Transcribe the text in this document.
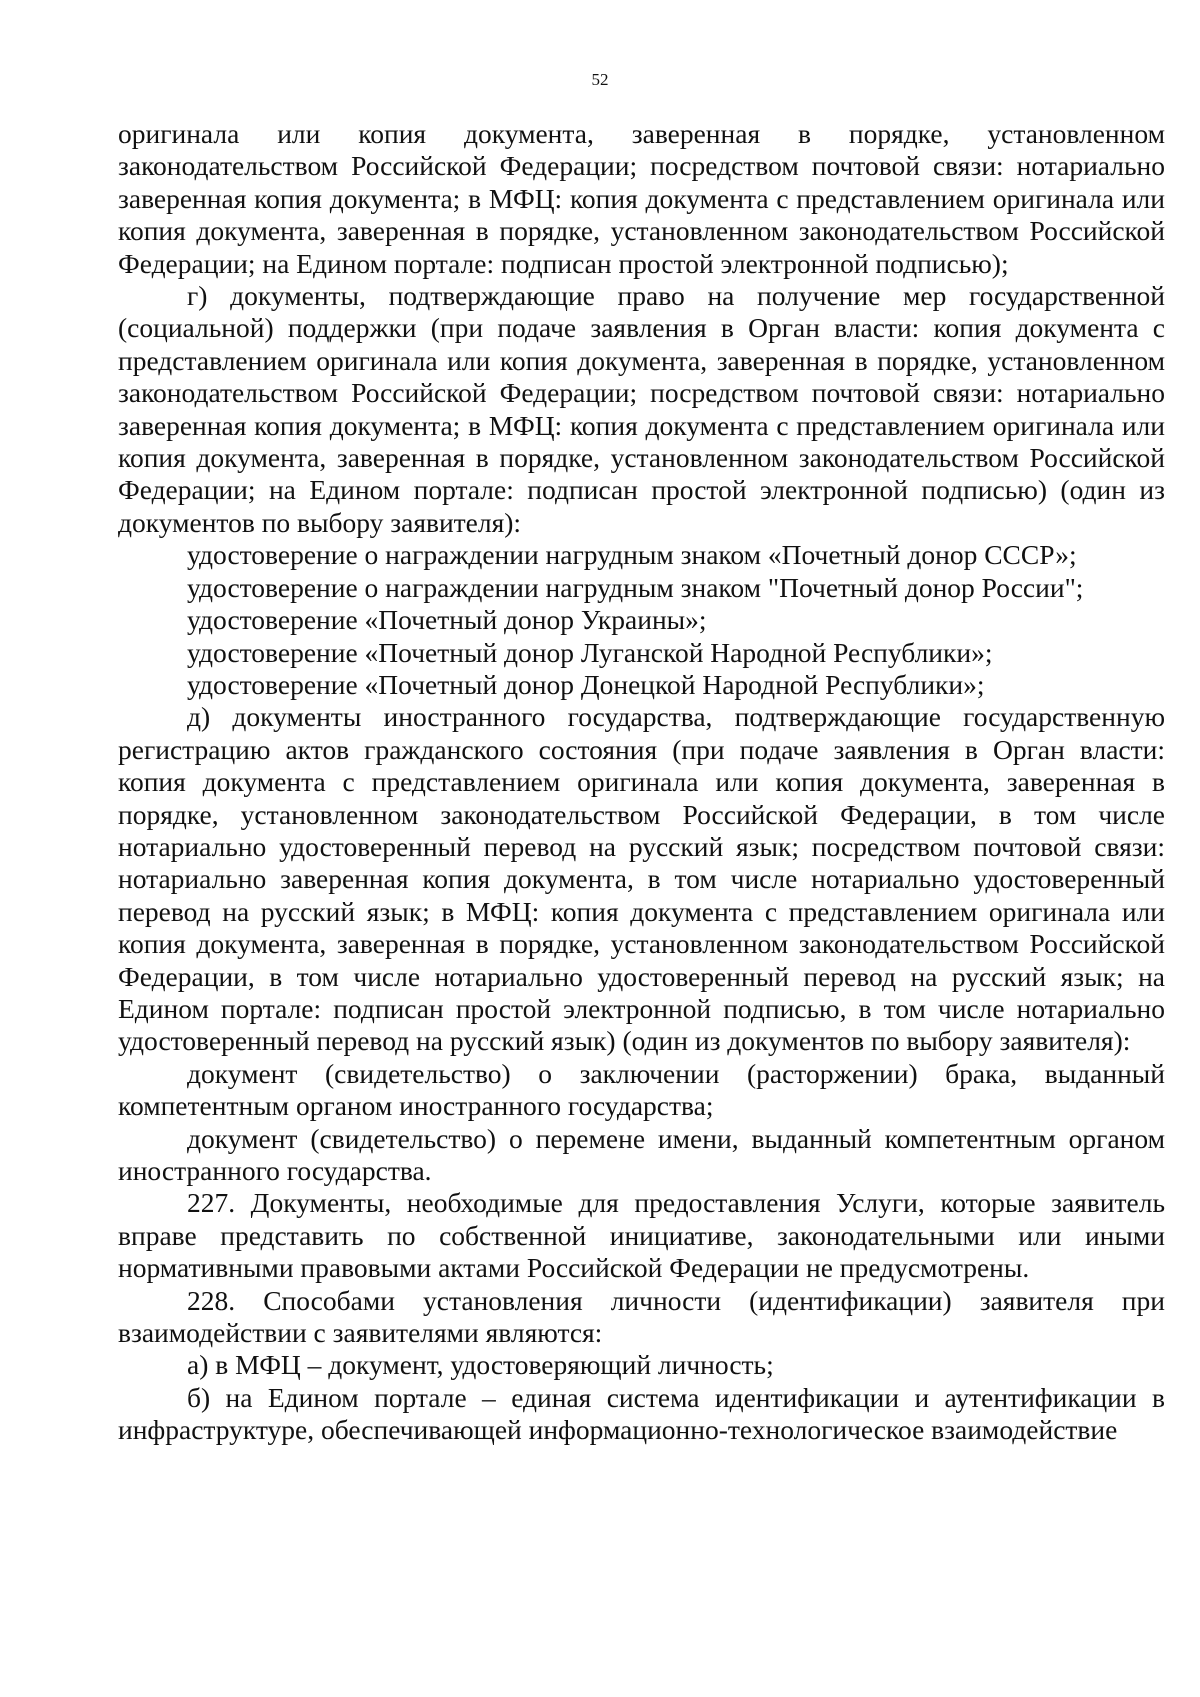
52

оригинала или копия документа, заверенная в порядке, установленном законодательством Российской Федерации; посредством почтовой связи: нотариально заверенная копия документа; в МФЦ: копия документа с представлением оригинала или копия документа, заверенная в порядке, установленном законодательством Российской Федерации; на Едином портале: подписан простой электронной подписью);

г) документы, подтверждающие право на получение мер государственной (социальной) поддержки (при подаче заявления в Орган власти: копия документа с представлением оригинала или копия документа, заверенная в порядке, установленном законодательством Российской Федерации; посредством почтовой связи: нотариально заверенная копия документа; в МФЦ: копия документа с представлением оригинала или копия документа, заверенная в порядке, установленном законодательством Российской Федерации; на Едином портале: подписан простой электронной подписью) (один из документов по выбору заявителя):

удостоверение о награждении нагрудным знаком «Почетный донор СССР»;

удостоверение о награждении нагрудным знаком "Почетный донор России";

удостоверение «Почетный донор Украины»;

удостоверение «Почетный донор Луганской Народной Республики»;

удостоверение «Почетный донор Донецкой Народной Республики»;

д) документы иностранного государства, подтверждающие государственную регистрацию актов гражданского состояния (при подаче заявления в Орган власти: копия документа с представлением оригинала или копия документа, заверенная в порядке, установленном законодательством Российской Федерации, в том числе нотариально удостоверенный перевод на русский язык; посредством почтовой связи: нотариально заверенная копия документа, в том числе нотариально удостоверенный перевод на русский язык; в МФЦ: копия документа с представлением оригинала или копия документа, заверенная в порядке, установленном законодательством Российской Федерации, в том числе нотариально удостоверенный перевод на русский язык; на Едином портале: подписан простой электронной подписью, в том числе нотариально удостоверенный перевод на русский язык) (один из документов по выбору заявителя):

документ (свидетельство) о заключении (расторжении) брака, выданный компетентным органом иностранного государства;

документ (свидетельство) о перемене имени, выданный компетентным органом иностранного государства.

227. Документы, необходимые для предоставления Услуги, которые заявитель вправе представить по собственной инициативе, законодательными или иными нормативными правовыми актами Российской Федерации не предусмотрены.

228. Способами установления личности (идентификации) заявителя при взаимодействии с заявителями являются:

а) в МФЦ – документ, удостоверяющий личность;

б) на Едином портале – единая система идентификации и аутентификации в инфраструктуре, обеспечивающей информационно-технологическое взаимодействие
